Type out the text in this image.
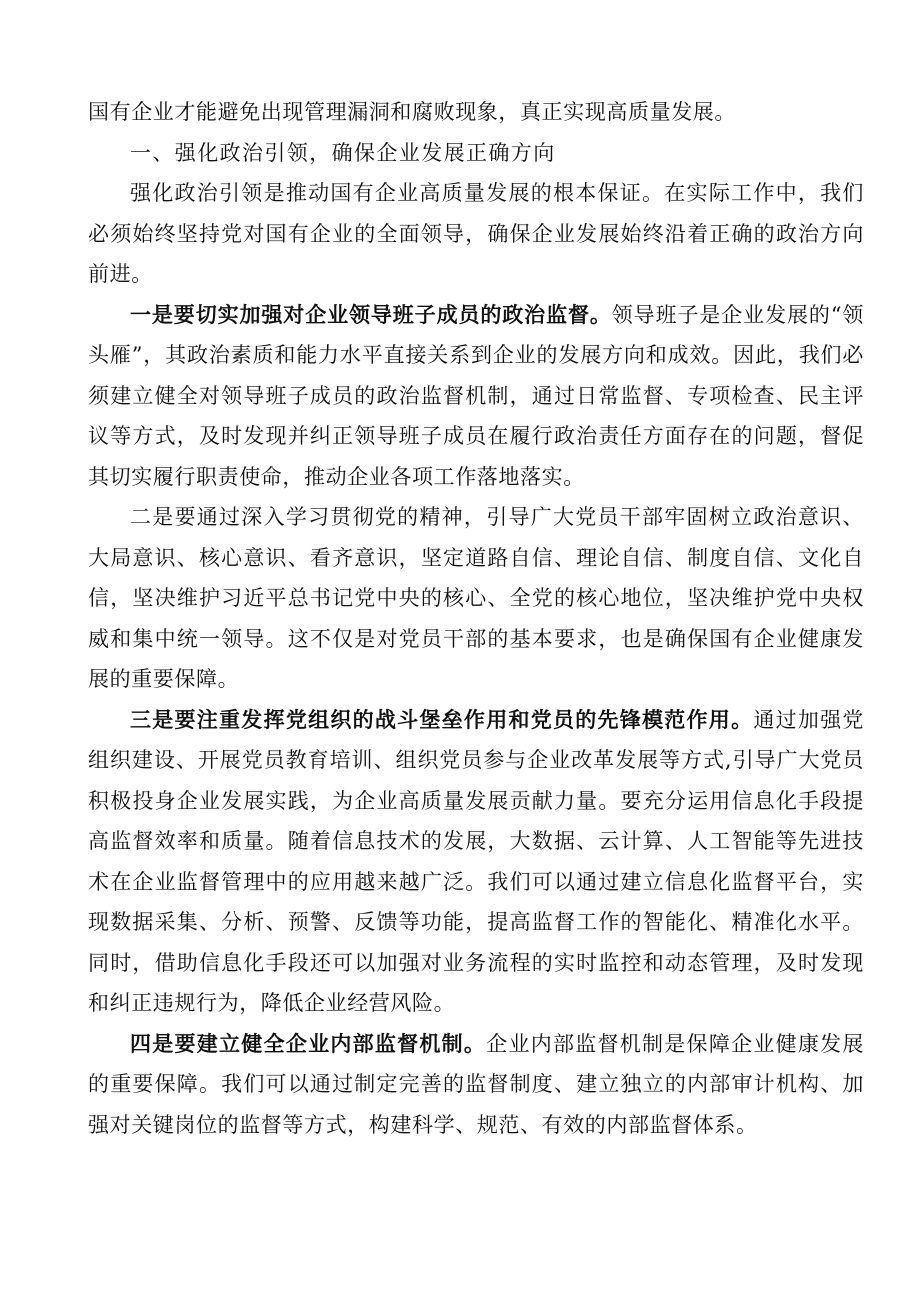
国有企业才能避免出现管理漏洞和腐败现象，真正实现高质量发展。

一、强化政治引领，确保企业发展正确方向

强化政治引领是推动国有企业高质量发展的根本保证。在实际工作中，我们必须始终坚持党对国有企业的全面领导，确保企业发展始终沿着正确的政治方向前进。

一是要切实加强对企业领导班子成员的政治监督。领导班子是企业发展的“领头雁”，其政治素质和能力水平直接关系到企业的发展方向和成效。因此，我们必须建立健全对领导班子成员的政治监督机制，通过日常监督、专项检查、民主评议等方式，及时发现并纠正领导班子成员在履行政治责任方面存在的问题，督促其切实履行职责使命，推动企业各项工作落地落实。

二是要通过深入学习贯彻党的精神，引导广大党员干部牢固树立政治意识、大局意识、核心意识、看齐意识，坚定道路自信、理论自信、制度自信、文化自信，坚决维护习近平总书记党中央的核心、全党的核心地位，坚决维护党中央权威和集中统一领导。这不仅是对党员干部的基本要求，也是确保国有企业健康发展的重要保障。

三是要注重发挥党组织的战斗堡垒作用和党员的先锋模范作用。通过加强党组织建设、开展党员教育培训、组织党员参与企业改革发展等方式,引导广大党员积极投身企业发展实践，为企业高质量发展贡献力量。要充分运用信息化手段提高监督效率和质量。随着信息技术的发展，大数据、云计算、人工智能等先进技术在企业监督管理中的应用越来越广泛。我们可以通过建立信息化监督平台，实现数据采集、分析、预警、反馈等功能，提高监督工作的智能化、精准化水平。同时，借助信息化手段还可以加强对业务流程的实时监控和动态管理，及时发现和纠正违规行为，降低企业经营风险。

四是要建立健全企业内部监督机制。企业内部监督机制是保障企业健康发展的重要保障。我们可以通过制定完善的监督制度、建立独立的内部审计机构、加强对关键岗位的监督等方式，构建科学、规范、有效的内部监督体系。
